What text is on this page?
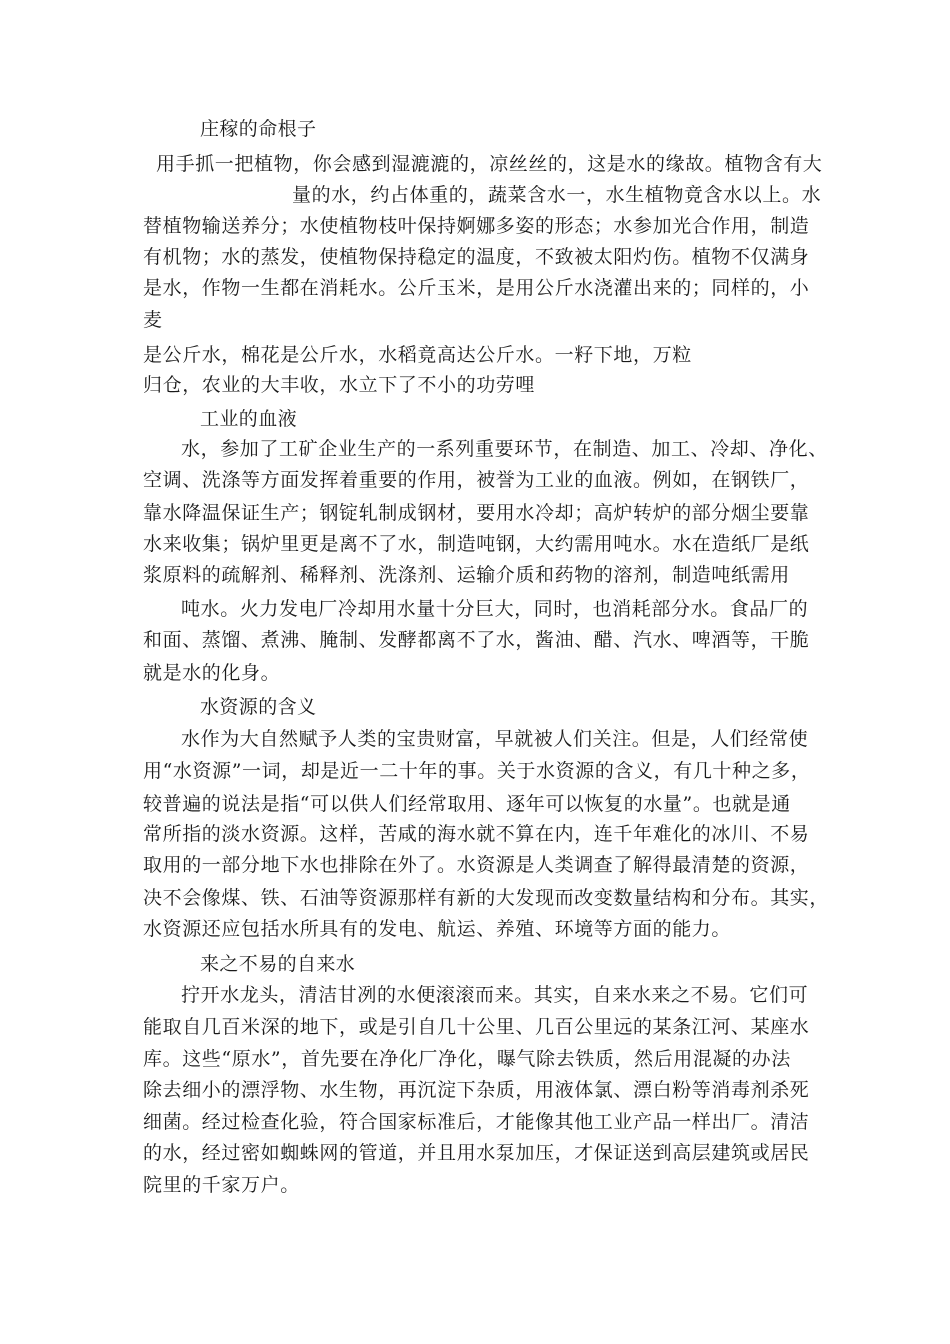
庄稼的命根子
用手抓一把植物，你会感到湿漉漉的，凉丝丝的，这是水的缘故。植物含有大
量的水，约占体重的，蔬菜含水一，水生植物竟含水以上。水
替植物输送养分；水使植物枝叶保持婀娜多姿的形态；水参加光合作用，制造
有机物；水的蒸发，使植物保持稳定的温度，不致被太阳灼伤。植物不仅满身
是水，作物一生都在消耗水。公斤玉米，是用公斤水浇灌出来的；同样的，小
麦
是公斤水，棉花是公斤水，水稻竟高达公斤水。一籽下地，万粒
归仓，农业的大丰收，水立下了不小的功劳哩
工业的血液
水，参加了工矿企业生产的一系列重要环节，在制造、加工、冷却、净化、
空调、洗涤等方面发挥着重要的作用，被誉为工业的血液。例如，在钢铁厂，
靠水降温保证生产；钢锭轧制成钢材，要用水冷却；高炉转炉的部分烟尘要靠
水来收集；锅炉里更是离不了水，制造吨钢，大约需用吨水。水在造纸厂是纸
浆原料的疏解剂、稀释剂、洗涤剂、运输介质和药物的溶剂，制造吨纸需用
吨水。火力发电厂冷却用水量十分巨大，同时，也消耗部分水。食品厂的
和面、蒸馏、煮沸、腌制、发酵都离不了水，酱油、醋、汽水、啤酒等，干脆
就是水的化身。
水资源的含义
水作为大自然赋予人类的宝贵财富，早就被人们关注。但是，人们经常使
用“水资源”一词，却是近一二十年的事。关于水资源的含义，有几十种之多，
较普遍的说法是指“可以供人们经常取用、逐年可以恢复的水量”。也就是通
常所指的淡水资源。这样，苦咸的海水就不算在内，连千年难化的冰川、不易
取用的一部分地下水也排除在外了。水资源是人类调查了解得最清楚的资源，
决不会像煤、铁、石油等资源那样有新的大发现而改变数量结构和分布。其实，
水资源还应包括水所具有的发电、航运、养殖、环境等方面的能力。
来之不易的自来水
拧开水龙头，清洁甘冽的水便滚滚而来。其实，自来水来之不易。它们可
能取自几百米深的地下，或是引自几十公里、几百公里远的某条江河、某座水
库。这些“原水”，首先要在净化厂净化，曝气除去铁质，然后用混凝的办法
除去细小的漂浮物、水生物，再沉淀下杂质，用液体氯、漂白粉等消毒剂杀死
细菌。经过检查化验，符合国家标准后，才能像其他工业产品一样出厂。清洁
的水，经过密如蜘蛛网的管道，并且用水泵加压，才保证送到高层建筑或居民
院里的千家万户。
